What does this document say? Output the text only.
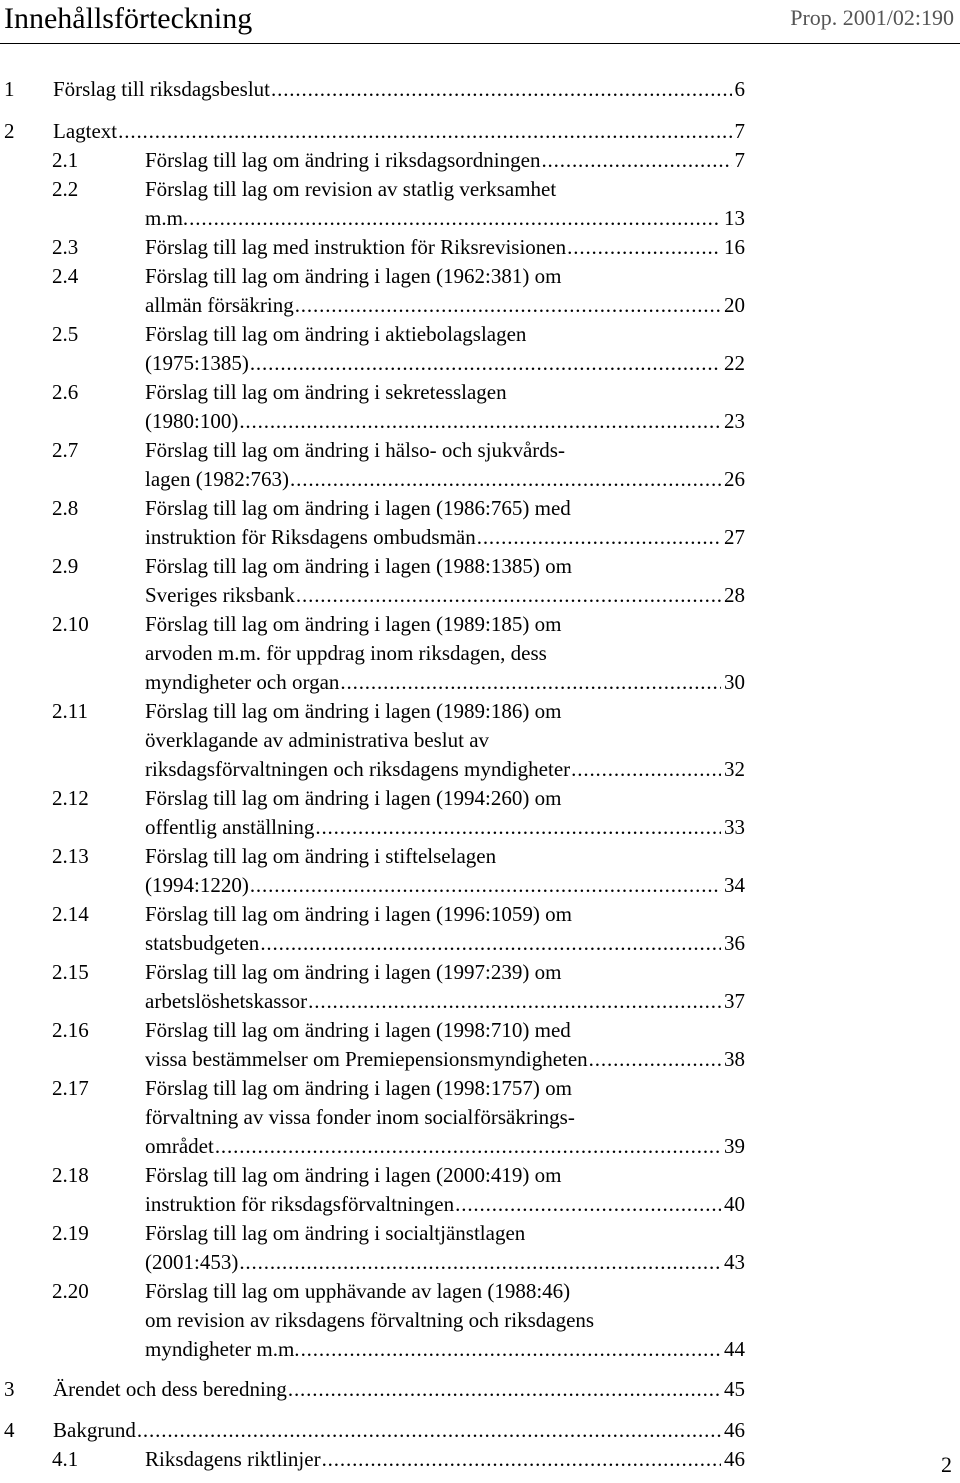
Innehållsförteckning	Prop. 2001/02:190
1 Förslag till riksdagsbeslut . . .	6
2 Lagtext . . .	7
2.1	Förslag till lag om ändring i riksdagsordningen . . .	7
2.2	Förslag till lag om revision av statlig verksamhet
m.m. . . .	13
2.3	Förslag till lag med instruktion för Riksrevisionen . . .	16
2.4	Förslag till lag om ändring i lagen (1962:381) om
allmän försäkring . . .	20
2.5	Förslag till lag om ändring i aktiebolagslagen
(1975:1385) . . .	22
2.6	Förslag till lag om ändring i sekretesslagen
(1980:100) . . .	23
2.7	Förslag till lag om ändring i hälso- och sjukvårds-
lagen (1982:763) . . .	26
2.8	Förslag till lag om ändring i lagen (1986:765) med
instruktion för Riksdagens ombudsmän . . .	27
2.9	Förslag till lag om ändring i lagen (1988:1385) om
Sveriges riksbank . . .	28
2.10	Förslag till lag om ändring i lagen (1989:185) om
arvoden m.m. för uppdrag inom riksdagen, dess
myndigheter och organ . . .	30
2.11	Förslag till lag om ändring i lagen (1989:186) om
överklagande av administrativa beslut av
riksdagsförvaltningen och riksdagens myndigheter . . .	32
2.12	Förslag till lag om ändring i lagen (1994:260) om
offentlig anställning . . .	33
2.13	Förslag till lag om ändring i stiftelselagen
(1994:1220) . . .	34
2.14	Förslag till lag om ändring i lagen (1996:1059) om
statsbudgeten . . .	36
2.15	Förslag till lag om ändring i lagen (1997:239) om
arbetslöshetskassor . . .	37
2.16	Förslag till lag om ändring i lagen (1998:710) med
vissa bestämmelser om Premiepensionsmyndigheten . . .	38
2.17	Förslag till lag om ändring i lagen (1998:1757) om
förvaltning av vissa fonder inom socialförsäkrings-
området . . .	39
2.18	Förslag till lag om ändring i lagen (2000:419) om
instruktion för riksdagsförvaltningen . . .	40
2.19	Förslag till lag om ändring i socialtjänstlagen
(2001:453) . . .	43
2.20	Förslag till lag om upphävande av lagen (1988:46)
om revision av riksdagens förvaltning och riksdagens
myndigheter m.m. . . .	44
3 Ärendet och dess beredning . . .	45
4 Bakgrund . . .	46
4.1	Riksdagens riktlinjer . . .	46	2
